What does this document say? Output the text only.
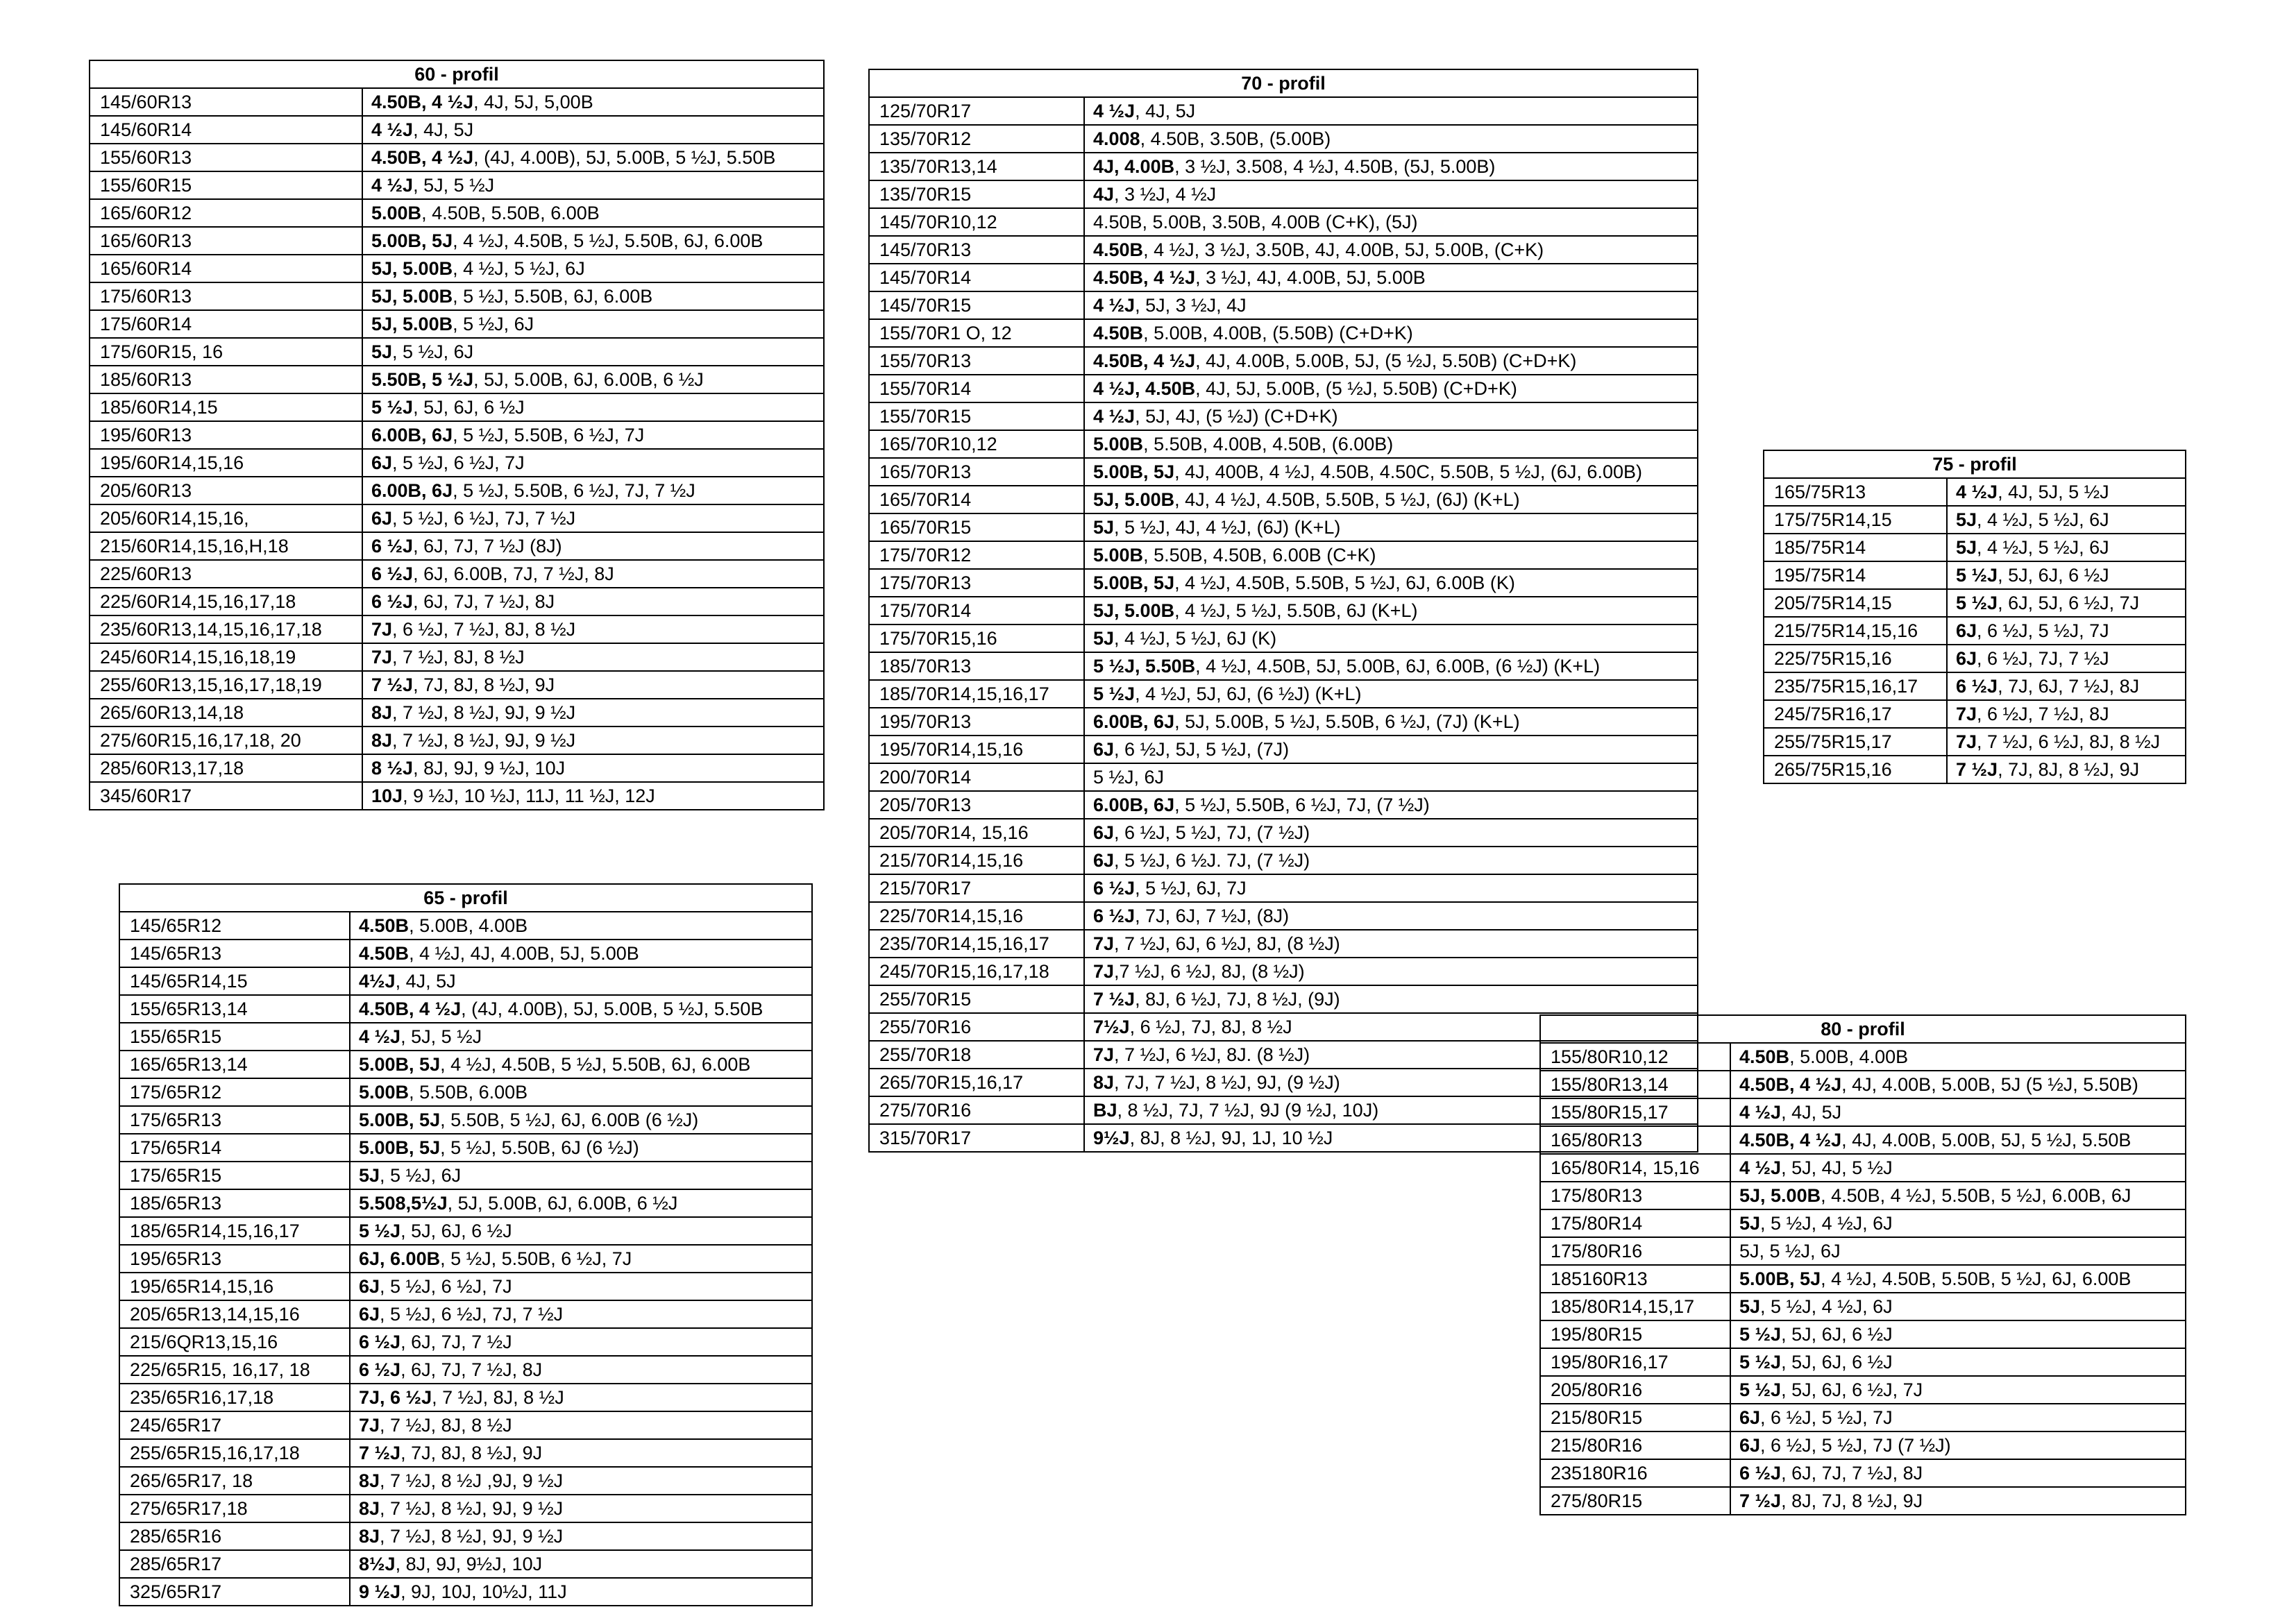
60 - profil	
145/60R13	4.50B, 4 ½J, 4J, 5J, 5,00B
145/60R14	4 ½J, 4J, 5J
155/60R13	4.50B, 4 ½J, (4J, 4.00B), 5J, 5.00B, 5 ½J, 5.50B
155/60R15	4 ½J, 5J, 5 ½J
165/60R12	5.00B, 4.50B, 5.50B, 6.00B
165/60R13	5.00B, 5J, 4 ½J, 4.50B, 5 ½J, 5.50B, 6J, 6.00B
165/60R14	5J, 5.00B, 4 ½J, 5 ½J, 6J
175/60R13	5J, 5.00B, 5 ½J, 5.50B, 6J, 6.00B
175/60R14	5J, 5.00B, 5 ½J, 6J
175/60R15, 16	5J, 5 ½J, 6J
185/60R13	5.50B, 5 ½J, 5J, 5.00B, 6J, 6.00B, 6 ½J
185/60R14,15	5 ½J, 5J, 6J, 6 ½J
195/60R13	6.00B, 6J, 5 ½J, 5.50B, 6 ½J, 7J
195/60R14,15,16	6J, 5 ½J, 6 ½J, 7J
205/60R13	6.00B, 6J, 5 ½J, 5.50B, 6 ½J, 7J, 7 ½J
205/60R14,15,16,	6J, 5 ½J, 6 ½J, 7J, 7 ½J
215/60R14,15,16,H,18	6 ½J, 6J, 7J, 7 ½J (8J)
225/60R13	6 ½J, 6J, 6.00B, 7J, 7 ½J, 8J
225/60R14,15,16,17,18	6 ½J, 6J, 7J, 7 ½J, 8J
235/60R13,14,15,16,17,18	7J, 6 ½J, 7 ½J, 8J, 8 ½J
245/60R14,15,16,18,19	7J, 7 ½J, 8J, 8 ½J
255/60R13,15,16,17,18,19	7 ½J, 7J, 8J, 8 ½J, 9J
265/60R13,14,18	8J, 7 ½J, 8 ½J, 9J, 9 ½J
275/60R15,16,17,18, 20	8J, 7 ½J, 8 ½J, 9J, 9 ½J
285/60R13,17,18	8 ½J, 8J, 9J, 9 ½J, 10J
345/60R17	10J, 9 ½J, 10 ½J, 11J, 11 ½J, 12J
65 - profil	
145/65R12	4.50B, 5.00B, 4.00B
145/65R13	4.50B, 4 ½J, 4J, 4.00B, 5J, 5.00B
145/65R14,15	4½J, 4J, 5J
155/65R13,14	4.50B, 4 ½J, (4J, 4.00B), 5J, 5.00B, 5 ½J, 5.50B
155/65R15	4 ½J, 5J, 5 ½J
165/65R13,14	5.00B, 5J, 4 ½J, 4.50B, 5 ½J, 5.50B, 6J, 6.00B
175/65R12	5.00B, 5.50B, 6.00B
175/65R13	5.00B, 5J, 5.50B, 5 ½J, 6J, 6.00B (6 ½J)
175/65R14	5.00B, 5J, 5 ½J, 5.50B, 6J (6 ½J)
175/65R15	5J, 5 ½J, 6J
185/65R13	5.508,5½J, 5J, 5.00B, 6J, 6.00B, 6 ½J
185/65R14,15,16,17	5 ½J, 5J, 6J, 6 ½J
195/65R13	6J, 6.00B, 5 ½J, 5.50B, 6 ½J, 7J
195/65R14,15,16	6J, 5 ½J, 6 ½J, 7J
205/65R13,14,15,16	6J, 5 ½J, 6 ½J, 7J, 7 ½J
215/6QR13,15,16	6 ½J, 6J, 7J, 7 ½J
225/65R15, 16,17, 18	6 ½J, 6J, 7J, 7 ½J, 8J
235/65R16,17,18	7J, 6 ½J, 7 ½J, 8J, 8 ½J
245/65R17	7J, 7 ½J, 8J, 8 ½J
255/65R15,16,17,18	7 ½J, 7J, 8J, 8 ½J, 9J
265/65R17, 18	8J, 7 ½J, 8 ½J ,9J, 9 ½J
275/65R17,18	8J, 7 ½J, 8 ½J, 9J, 9 ½J
285/65R16	8J, 7 ½J, 8 ½J, 9J, 9 ½J
285/65R17	8½J, 8J, 9J, 9½J, 10J
325/65R17	9 ½J, 9J, 10J, 10½J, 11J
70 - profil	
125/70R17	4 ½J, 4J, 5J
135/70R12	4.008, 4.50B, 3.50B, (5.00B)
135/70R13,14	4J, 4.00B, 3 ½J, 3.508, 4 ½J, 4.50B, (5J, 5.00B)
135/70R15	4J, 3 ½J, 4 ½J
145/70R10,12	4.50B, 5.00B, 3.50B, 4.00B (C+K), (5J)
145/70R13	4.50B, 4 ½J, 3 ½J, 3.50B, 4J, 4.00B, 5J, 5.00B, (C+K)
145/70R14	4.50B, 4 ½J, 3 ½J, 4J, 4.00B, 5J, 5.00B
145/70R15	4 ½J, 5J, 3 ½J, 4J
155/70R1 O, 12	4.50B, 5.00B, 4.00B, (5.50B) (C+D+K)
155/70R13	4.50B, 4 ½J, 4J, 4.00B, 5.00B, 5J, (5 ½J, 5.50B) (C+D+K)
155/70R14	4 ½J, 4.50B, 4J, 5J, 5.00B, (5 ½J, 5.50B) (C+D+K)
155/70R15	4 ½J, 5J, 4J, (5 ½J) (C+D+K)
165/70R10,12	5.00B, 5.50B, 4.00B, 4.50B, (6.00B)
165/70R13	5.00B, 5J, 4J, 400B, 4 ½J, 4.50B, 4.50C, 5.50B, 5 ½J, (6J, 6.00B)
165/70R14	5J, 5.00B, 4J, 4 ½J, 4.50B, 5.50B, 5 ½J, (6J) (K+L)
165/70R15	5J, 5 ½J, 4J, 4 ½J, (6J) (K+L)
175/70R12	5.00B, 5.50B, 4.50B, 6.00B (C+K)
175/70R13	5.00B, 5J, 4 ½J, 4.50B, 5.50B, 5 ½J, 6J, 6.00B (K)
175/70R14	5J, 5.00B, 4 ½J, 5 ½J, 5.50B, 6J (K+L)
175/70R15,16	5J, 4 ½J, 5 ½J, 6J (K)
185/70R13	5 ½J, 5.50B, 4 ½J, 4.50B, 5J, 5.00B, 6J, 6.00B, (6 ½J) (K+L)
185/70R14,15,16,17	5 ½J, 4 ½J, 5J, 6J, (6 ½J) (K+L)
195/70R13	6.00B, 6J, 5J, 5.00B, 5 ½J, 5.50B, 6 ½J, (7J) (K+L)
195/70R14,15,16	6J, 6 ½J, 5J, 5 ½J, (7J)
200/70R14	5 ½J, 6J
205/70R13	6.00B, 6J, 5 ½J, 5.50B, 6 ½J, 7J, (7 ½J)
205/70R14, 15,16	6J, 6 ½J, 5 ½J, 7J, (7 ½J)
215/70R14,15,16	6J, 5 ½J, 6 ½J. 7J, (7 ½J)
215/70R17	6 ½J, 5 ½J, 6J, 7J
225/70R14,15,16	6 ½J, 7J, 6J, 7 ½J, (8J)
235/70R14,15,16,17	7J, 7 ½J, 6J, 6 ½J, 8J, (8 ½J)
245/70R15,16,17,18	7J,7 ½J, 6 ½J, 8J, (8 ½J)
255/70R15	7 ½J, 8J, 6 ½J, 7J, 8 ½J, (9J)
255/70R16	7½J, 6 ½J, 7J, 8J, 8 ½J
255/70R18	7J, 7 ½J, 6 ½J, 8J. (8 ½J)
265/70R15,16,17	8J, 7J, 7 ½J, 8 ½J, 9J, (9 ½J)
275/70R16	BJ, 8 ½J, 7J, 7 ½J, 9J (9 ½J, 10J)
315/70R17	9½J, 8J, 8 ½J, 9J, 1J, 10 ½J
75 - profil	
165/75R13	4 ½J, 4J, 5J, 5 ½J
175/75R14,15	5J, 4 ½J, 5 ½J, 6J
185/75R14	5J, 4 ½J, 5 ½J, 6J
195/75R14	5 ½J, 5J, 6J, 6 ½J
205/75R14,15	5 ½J, 6J, 5J, 6 ½J, 7J
215/75R14,15,16	6J, 6 ½J, 5 ½J, 7J
225/75R15,16	6J, 6 ½J, 7J, 7 ½J
235/75R15,16,17	6 ½J, 7J, 6J, 7 ½J, 8J
245/75R16,17	7J, 6 ½J, 7 ½J, 8J
255/75R15,17	7J, 7 ½J, 6 ½J, 8J, 8 ½J
265/75R15,16	7 ½J, 7J, 8J, 8 ½J, 9J
80 - profil	
155/80R10,12	4.50B, 5.00B, 4.00B
155/80R13,14	4.50B, 4 ½J, 4J, 4.00B, 5.00B, 5J (5 ½J, 5.50B)
155/80R15,17	4 ½J, 4J, 5J
165/80R13	4.50B, 4 ½J, 4J, 4.00B, 5.00B, 5J, 5 ½J, 5.50B
165/80R14, 15,16	4 ½J, 5J, 4J, 5 ½J
175/80R13	5J, 5.00B, 4.50B, 4 ½J, 5.50B, 5 ½J, 6.00B, 6J
175/80R14	5J, 5 ½J, 4 ½J, 6J
175/80R16	5J, 5 ½J, 6J
185160R13	5.00B, 5J, 4 ½J, 4.50B, 5.50B, 5 ½J, 6J, 6.00B
185/80R14,15,17	5J, 5 ½J, 4 ½J, 6J
195/80R15	5 ½J, 5J, 6J, 6 ½J
195/80R16,17	5 ½J, 5J, 6J, 6 ½J
205/80R16	5 ½J, 5J, 6J, 6 ½J, 7J
215/80R15	6J, 6 ½J, 5 ½J, 7J
215/80R16	6J, 6 ½J, 5 ½J, 7J (7 ½J)
235180R16	6 ½J, 6J, 7J, 7 ½J, 8J
275/80R15	7 ½J, 8J, 7J, 8 ½J, 9J
